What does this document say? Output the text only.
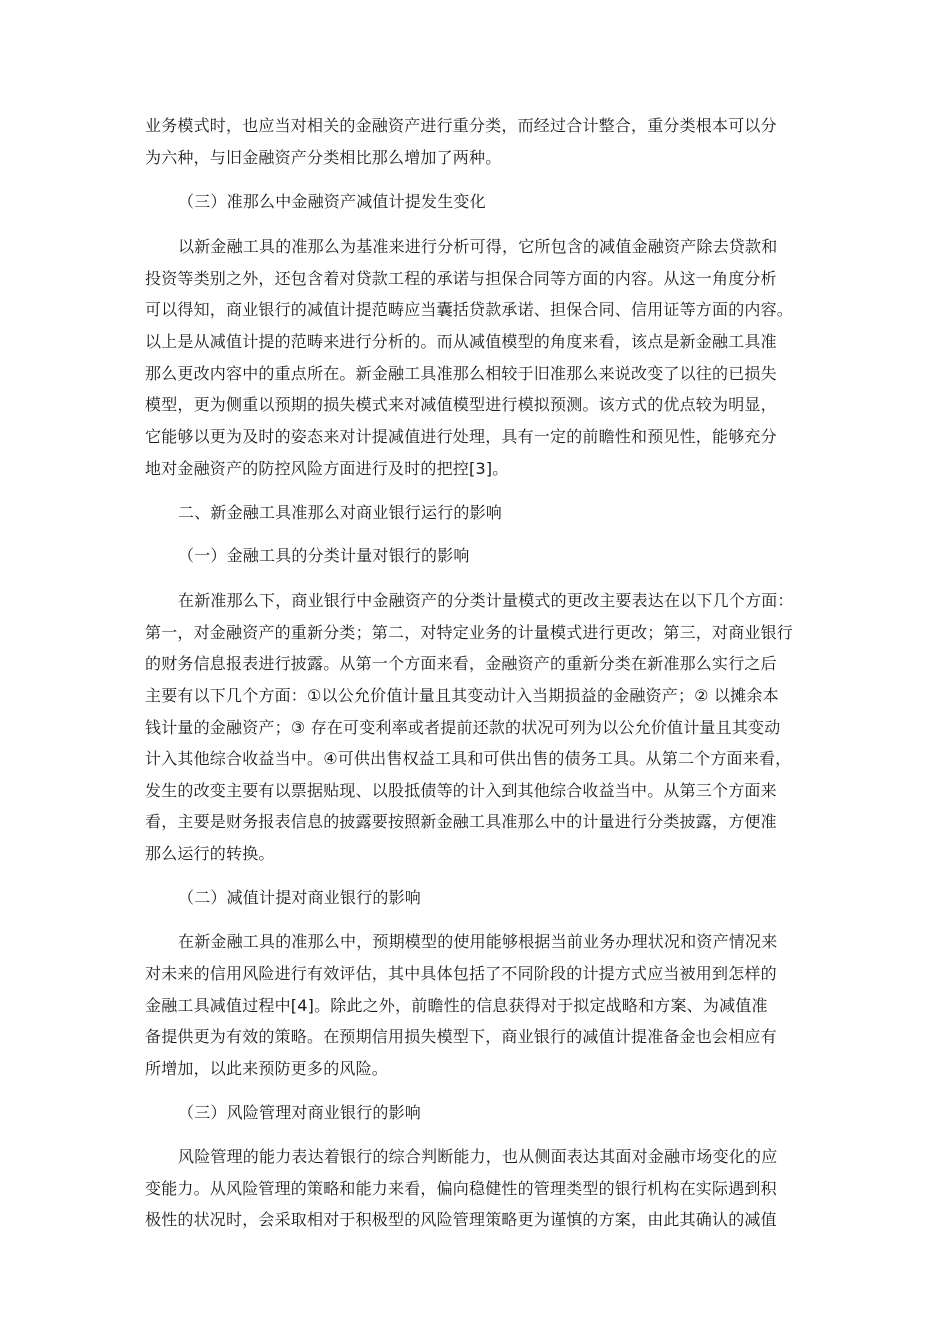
业务模式时，也应当对相关的金融资产进行重分类，而经过合计整合，重分类根本可以分
为六种，与旧金融资产分类相比那么增加了两种。
（三）准那么中金融资产减值计提发生变化
以新金融工具的准那么为基准来进行分析可得，它所包含的减值金融资产除去贷款和
投资等类别之外，还包含着对贷款工程的承诺与担保合同等方面的内容。从这一角度分析
可以得知，商业银行的减值计提范畴应当囊括贷款承诺、担保合同、信用证等方面的内容。
以上是从减值计提的范畴来进行分析的。而从减值模型的角度来看，该点是新金融工具准
那么更改内容中的重点所在。新金融工具准那么相较于旧准那么来说改变了以往的已损失
模型，更为侧重以预期的损失模式来对减值模型进行模拟预测。该方式的优点较为明显，
它能够以更为及时的姿态来对计提减值进行处理，具有一定的前瞻性和预见性，能够充分
地对金融资产的防控风险方面进行及时的把控[3]。
二、新金融工具准那么对商业银行运行的影响
（一）金融工具的分类计量对银行的影响
在新准那么下，商业银行中金融资产的分类计量模式的更改主要表达在以下几个方面：
第一，对金融资产的重新分类；第二，对特定业务的计量模式进行更改；第三，对商业银行
的财务信息报表进行披露。从第一个方面来看，金融资产的重新分类在新准那么实行之后
主要有以下几个方面：①以公允价值计量且其变动计入当期损益的金融资产；② 以摊余本
钱计量的金融资产；③ 存在可变利率或者提前还款的状况可列为以公允价值计量且其变动
计入其他综合收益当中。④可供出售权益工具和可供出售的债务工具。从第二个方面来看，
发生的改变主要有以票据贴现、以股抵债等的计入到其他综合收益当中。从第三个方面来
看，主要是财务报表信息的披露要按照新金融工具准那么中的计量进行分类披露，方便准
那么运行的转换。
（二）减值计提对商业银行的影响
在新金融工具的准那么中，预期模型的使用能够根据当前业务办理状况和资产情况来
对未来的信用风险进行有效评估，其中具体包括了不同阶段的计提方式应当被用到怎样的
金融工具减值过程中[4]。除此之外，前瞻性的信息获得对于拟定战略和方案、为减值准
备提供更为有效的策略。在预期信用损失模型下，商业银行的减值计提准备金也会相应有
所增加，以此来预防更多的风险。
（三）风险管理对商业银行的影响
风险管理的能力表达着银行的综合判断能力，也从侧面表达其面对金融市场变化的应
变能力。从风险管理的策略和能力来看，偏向稳健性的管理类型的银行机构在实际遇到积
极性的状况时，会采取相对于积极型的风险管理策略更为谨慎的方案，由此其确认的减值
